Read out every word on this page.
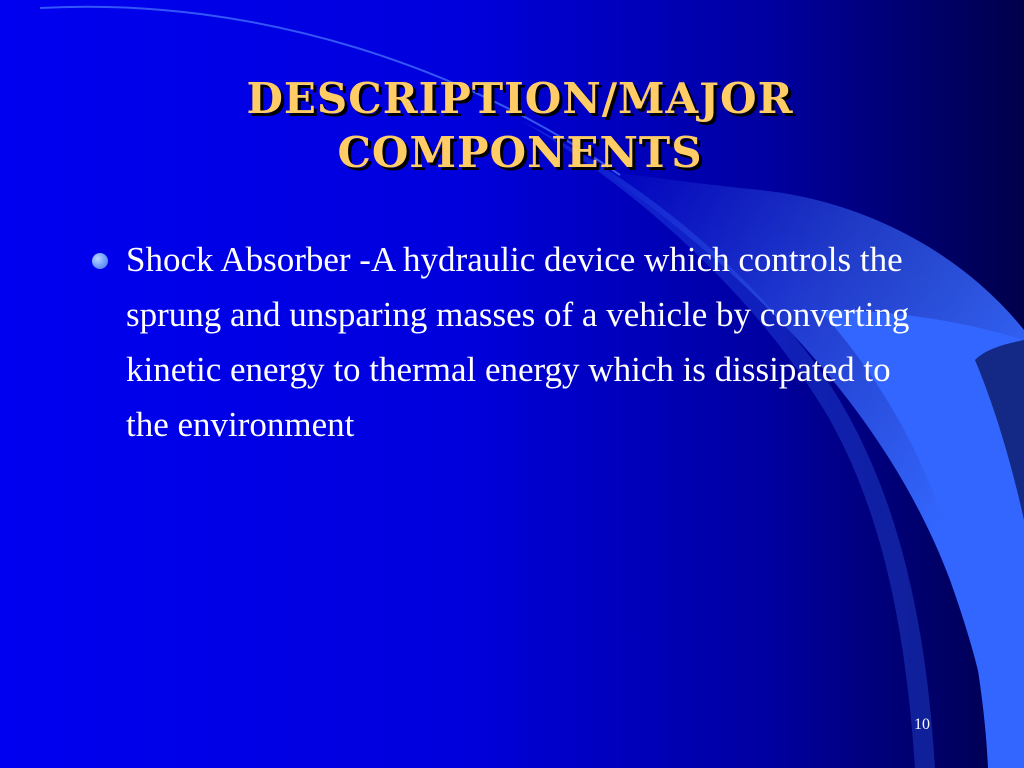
DESCRIPTION/MAJOR COMPONENTS
Shock Absorber -A hydraulic device which controls the sprung and unsparing masses of a vehicle by converting kinetic energy to thermal energy which is dissipated to the environment
10
